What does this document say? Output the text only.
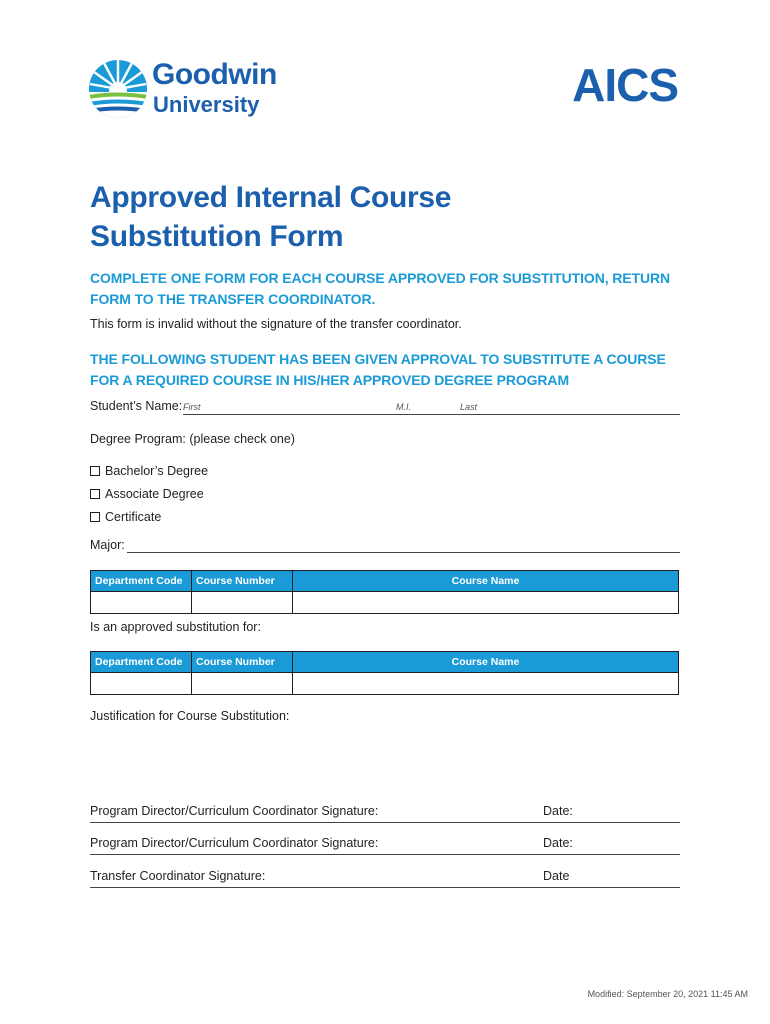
Goodwin
University	AICS
Approved Internal Course
Substitution Form
COMPLETE ONE FORM FOR EACH COURSE APPROVED FOR SUBSTITUTION, RETURN
FORM TO THE TRANSFER COORDINATOR.
This form is invalid without the signature of the transfer coordinator.
THE FOLLOWING STUDENT HAS BEEN GIVEN APPROVAL TO SUBSTITUTE A COURSE
FOR A REQUIRED COURSE IN HIS/HER APPROVED DEGREE PROGRAM
Student’s Name: First	M.I.	Last
Degree Program: (please check one)
Bachelor’s Degree
Associate Degree
Certificate
Major:
Department Code	Course Number	Course Name

Is an approved substitution for:
Department Code	Course Number	Course Name

Justification for Course Substitution:
Program Director/Curriculum Coordinator Signature:	Date:
Program Director/Curriculum Coordinator Signature:	Date:
Transfer Coordinator Signature:	Date
Modified: September 20, 2021 11:45 AM
